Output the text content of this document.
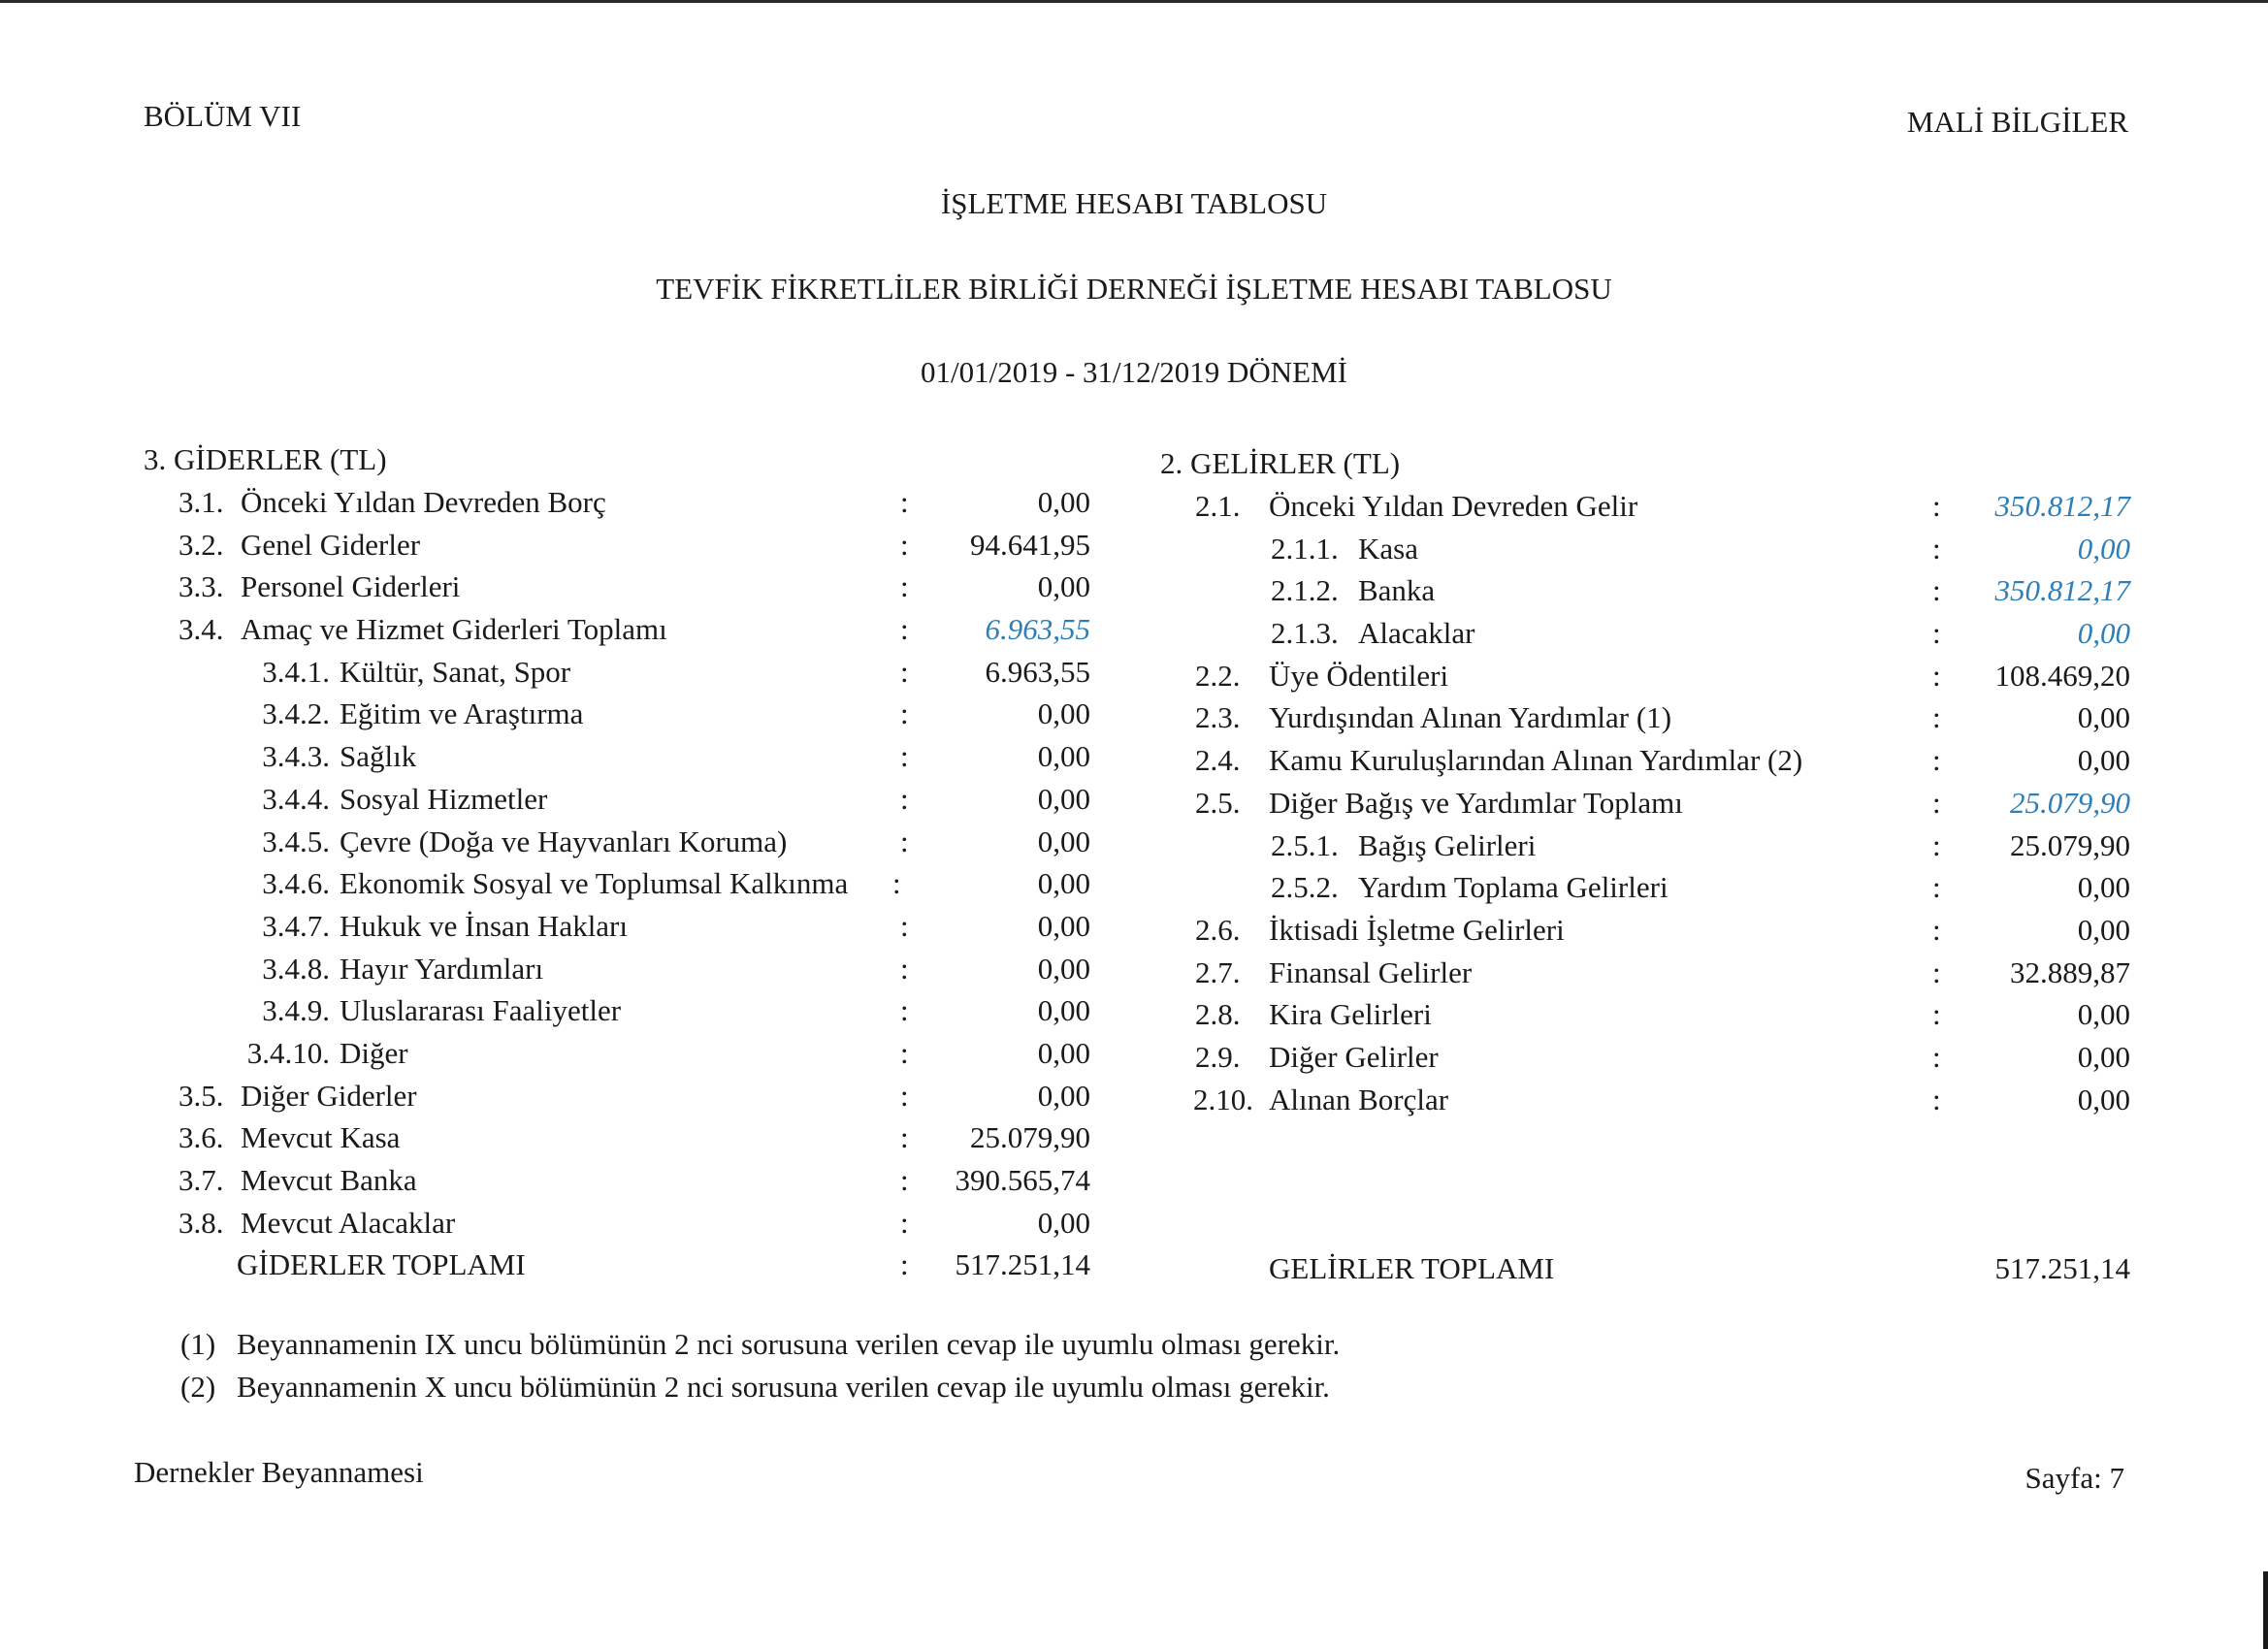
BÖLÜM VII	MALİ BİLGİLER
İŞLETME HESABI TABLOSU
TEVFİK FİKRETLİLER BİRLİĞİ DERNEĞİ İŞLETME HESABI TABLOSU
01/01/2019 - 31/12/2019 DÖNEMİ
3. GİDERLER (TL)
3.1. Önceki Yıldan Devreden Borç	:	0,00
3.2. Genel Giderler	:	94.641,95
3.3. Personel Giderleri	:	0,00
3.4. Amaç ve Hizmet Giderleri Toplamı	:	6.963,55
3.4.1. Kültür, Sanat, Spor	:	6.963,55
3.4.2. Eğitim ve Araştırma	:	0,00
3.4.3. Sağlık	:	0,00
3.4.4. Sosyal Hizmetler	:	0,00
3.4.5. Çevre (Doğa ve Hayvanları Koruma)	:	0,00
3.4.6. Ekonomik Sosyal ve Toplumsal Kalkınma :	0,00
3.4.7. Hukuk ve İnsan Hakları	:	0,00
3.4.8. Hayır Yardımları	:	0,00
3.4.9. Uluslararası Faaliyetler	:	0,00
3.4.10. Diğer	:	0,00
3.5. Diğer Giderler	:	0,00
3.6. Mevcut Kasa	:	25.079,90
3.7. Mevcut Banka	:	390.565,74
3.8. Mevcut Alacaklar	:	0,00
GİDERLER TOPLAMI	:	517.251,14
2. GELİRLER (TL)
2.1. Önceki Yıldan Devreden Gelir	:	350.812,17
2.1.1. Kasa	:	0,00
2.1.2. Banka	:	350.812,17
2.1.3. Alacaklar	:	0,00
2.2. Üye Ödentileri	:	108.469,20
2.3. Yurdışından Alınan Yardımlar (1)	:	0,00
2.4. Kamu Kuruluşlarından Alınan Yardımlar (2)	:	0,00
2.5. Diğer Bağış ve Yardımlar Toplamı	:	25.079,90
2.5.1. Bağış Gelirleri	:	25.079,90
2.5.2. Yardım Toplama Gelirleri	:	0,00
2.6. İktisadi İşletme Gelirleri	:	0,00
2.7. Finansal Gelirler	:	32.889,87
2.8. Kira Gelirleri	:	0,00
2.9. Diğer Gelirler	:	0,00
2.10. Alınan Borçlar	:	0,00
GELİRLER TOPLAMI	517.251,14
(1) Beyannamenin IX uncu bölümünün 2 nci sorusuna verilen cevap ile uyumlu olması gerekir.
(2) Beyannamenin X uncu bölümünün 2 nci sorusuna verilen cevap ile uyumlu olması gerekir.
Dernekler Beyannamesi	Sayfa: 7
